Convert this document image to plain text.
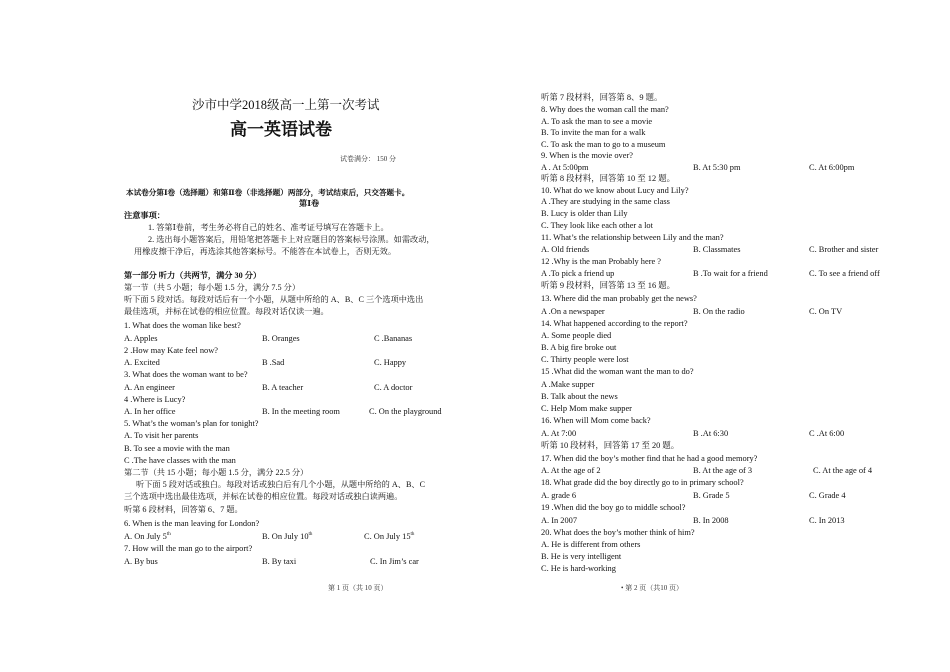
沙市中学2018级高一上第一次考试
高一英语试卷
试卷满分： 150 分
本试卷分第Ⅰ卷（选择题）和第Ⅱ卷（非选择题）两部分，考试结束后，只交答题卡。
第Ⅰ卷
注意事项：
1. 答第Ⅰ卷前，考生务必将自己的姓名、准考证号填写在答题卡上。
2. 选出每小题答案后，用铅笔把答题卡上对应题目的答案标号涂黑。如需改动，
用橡皮擦干净后，再选涂其他答案标号。不能答在本试卷上，否则无效。
第一部分 听力（共两节，满分 30 分）
第一节（共 5 小题；每小题 1.5 分，满分 7.5 分）
听下面 5 段对话。每段对话后有一个小题，从题中所给的 A、B、C 三个选项中选出
最佳选项，并标在试卷的相应位置。每段对话仅读一遍。
1. What does the woman like best?
A. Apples	B. Oranges	C .Bananas
2 .How may Kate feel now?
A. Excited	B .Sad	C. Happy
3. What does the woman want to be?
A. An engineer	B. A teacher	C. A doctor
4 .Where is Lucy?
A. In her office	B. In the meeting room	C. On the playground
5. What’s the woman’s plan for tonight?
A. To visit her parents
B. To see a movie with the man
C .The have classes with the man
第二节（共 15 小题；每小题 1.5 分，满分 22.5 分）
听下面 5 段对话或独白。每段对话或独白后有几个小题，从题中所给的 A、B、C
三个选项中选出最佳选项，并标在试卷的相应位置。每段对话或独白读两遍。
听第 6 段材料，回答第 6、7 题。
6. When is the man leaving for London?
A. On July 5th	B. On July 10th	C. On July 15th
7. How will the man go to the airport?
A. By bus	B. By taxi	C. In Jim’s car
第 1 页（共 10 页）
听第 7 段材料，回答第 8、9 题。
8. Why does the woman call the man?
A. To ask the man to see a movie
B. To invite the man for a walk
C. To ask the man to go to a museum
9. When is the movie over?
A . At 5:00pm	B. At 5:30 pm	C. At 6:00pm
听第 8 段材料，回答第 10 至 12 题。
10. What do we know about Lucy and Lily?
A .They are studying in the same class
B. Lucy is older than Lily
C. They look like each other a lot
11. What’s the relationship between Lily and the man?
A. Old friends	B. Classmates	C. Brother and sister
12 .Why is the man Probably here ?
A .To pick a friend up	B .To wait for a friend	C. To see a friend off
听第 9 段材料，回答第 13 至 16 题。
13. Where did the man probably get the news?
A .On a newspaper	B. On the radio	C. On TV
14. What happened according to the report?
A. Some people died
B. A big fire broke out
C. Thirty people were lost
15 .What did the woman want the man to do?
A .Make supper
B. Talk about the news
C. Help Mom make supper
16. When will Mom come back?
A. At 7:00	B .At 6:30	C .At 6:00
听第 10 段材料，回答第 17 至 20 题。
17. When did the boy’s mother find that he had a good memory?
A. At the age of 2	B. At the age of 3	C. At the age of 4
18. What grade did the boy directly go to in primary school?
A. grade 6	B. Grade 5	C. Grade 4
19 .When did the boy go to middle school?
A. In 2007	B. In 2008	C. In 2013
20. What does the boy’s mother think of him?
A. He is different from others
B. He is very intelligent
C. He is hard-working
• 第 2 页（共10 页）
